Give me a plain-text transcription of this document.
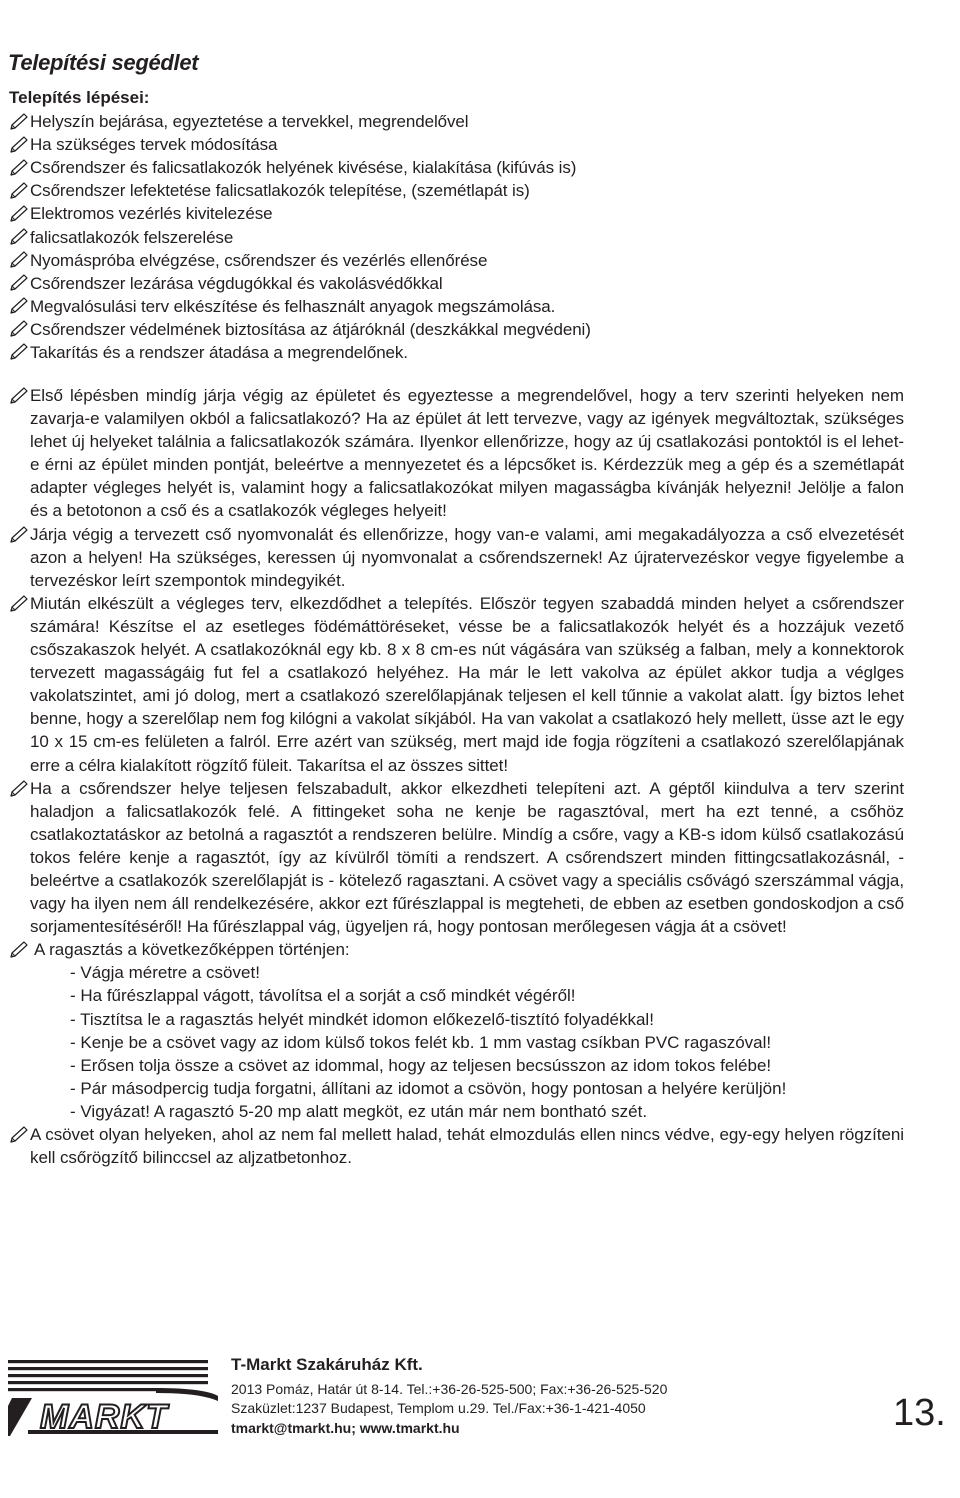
Telepítési segédlet
Telepítés lépései:
Helyszín bejárása, egyeztetése a tervekkel, megrendelővel
Ha szükséges tervek módosítása
Csőrendszer és falicsatlakozók helyének kivésése, kialakítása (kifúvás is)
Csőrendszer lefektetése falicsatlakozók telepítése, (szemétlapát is)
Elektromos vezérlés kivitelezése
falicsatlakozók felszerelése
Nyomáspróba elvégzése, csőrendszer és vezérlés ellenőrése
Csőrendszer lezárása végdugókkal és vakolásvédőkkal
Megvalósulási terv elkészítése és felhasznált anyagok megszámolása.
Csőrendszer védelmének biztosítása az átjáróknál (deszkákkal megvédeni)
Takarítás és a rendszer átadása a megrendelőnek.

Első lépésben mindíg járja végig az épületet és egyeztesse a megrendelővel, hogy a terv szerinti helyeken nem zavarja-e valamilyen okból a falicsatlakozó? Ha az épület át lett tervezve, vagy az igények megváltoztak, szükséges lehet új helyeket találnia a falicsatlakozók számára. Ilyenkor ellenőrizze, hogy az új csatlakozási pontoktól is el lehet-e érni az épület minden pontját, beleértve a mennyezetet és a lépcsőket is. Kérdezzük meg a gép és a szemétlapát adapter végleges helyét is, valamint hogy a falicsatlakozókat milyen magasságba kívánják helyezni! Jelölje a falon és a betotonon a cső és a csatlakozók végleges helyeit!

Járja végig a tervezett cső nyomvonalát és ellenőrizze, hogy van-e valami, ami megakadályozza a cső elvezetését azon a helyen! Ha szükséges, keressen új nyomvonalat a csőrendszernek! Az újratervezéskor vegye figyelembe a tervezéskor leírt szempontok mindegyikét.

Miután elkészült a végleges terv, elkezdődhet a telepítés. Először tegyen szabaddá minden helyet a csőrendszer számára! Készítse el az esetleges födémáttöréseket, vésse be a falicsatlakozók helyét és a hozzájuk vezető csőszakaszok helyét. A csatlakozóknál egy kb. 8 x 8 cm-es nút vágására van szükség a falban, mely a konnektorok tervezett magasságáig fut fel a csatlakozó helyéhez. Ha már le lett vakolva az épület akkor tudja a véglges vakolatszintet, ami jó dolog, mert a csatlakozó szerelőlapjának teljesen el kell tűnnie a vakolat alatt. Így biztos lehet benne, hogy a szerelőlap nem fog kilógni a vakolat síkjából. Ha van vakolat a csatlakozó hely mellett, üsse azt le egy 10 x 15 cm-es felületen a falról. Erre azért van szükség, mert majd ide fogja rögzíteni a csatlakozó szerelőlapjának erre a célra kialakított rögzítő füleit. Takarítsa el az összes sittet!

Ha a csőrendszer helye teljesen felszabadult, akkor elkezdheti telepíteni azt. A géptől kiindulva a terv szerint haladjon a falicsatlakozók felé. A fittingeket soha ne kenje be ragasztóval, mert ha ezt tenné, a csőhöz csatlakoztatáskor az betolná a ragasztót a rendszeren belülre. Mindíg a csőre, vagy a KB-s idom külső csatlakozású tokos felére kenje a ragasztót, így az kívülről tömíti a rendszert. A csőrendszert minden fittingcsatlakozásnál, - beleértve a csatlakozók szerelőlapját is - kötelező ragasztani. A csövet vagy a speciális csővágó szerszámmal vágja, vagy ha ilyen nem áll rendelkezésére, akkor ezt fűrészlappal is megteheti, de ebben az esetben gondoskodjon a cső sorjamentesítéséről! Ha fűrészlappal vág, ügyeljen rá, hogy pontosan merőlegesen vágja át a csövet!

A ragasztás a következőképpen történjen:
- Vágja méretre a csövet!
- Ha fűrészlappal vágott, távolítsa el a sorját a cső mindkét végéről!
- Tisztítsa le a ragasztás helyét mindkét idomon előkezelő-tisztító folyadékkal!
- Kenje be a csövet vagy az idom külső tokos felét kb. 1 mm vastag csíkban PVC ragaszóval!
- Erősen tolja össze a csövet az idommal, hogy az teljesen becsússzon az idom tokos felébe!
- Pár másodpercig tudja forgatni, állítani az idomot a csövön, hogy pontosan a helyére kerüljön!
- Vigyázat! A ragasztó 5-20 mp alatt megköt, ez után már nem bontható szét.

A csövet olyan helyeken, ahol az nem fal mellett halad, tehát elmozdulás ellen nincs védve, egy-egy helyen rögzíteni kell csőrögzítő bilinccsel az aljzatbetonhoz.

MARKT
T-Markt Szakáruház Kft.
2013 Pomáz, Határ út 8-14. Tel.:+36-26-525-500; Fax:+36-26-525-520
Szaküzlet:1237 Budapest, Templom u.29. Tel./Fax:+36-1-421-4050
tmarkt@tmarkt.hu; www.tmarkt.hu	13.
